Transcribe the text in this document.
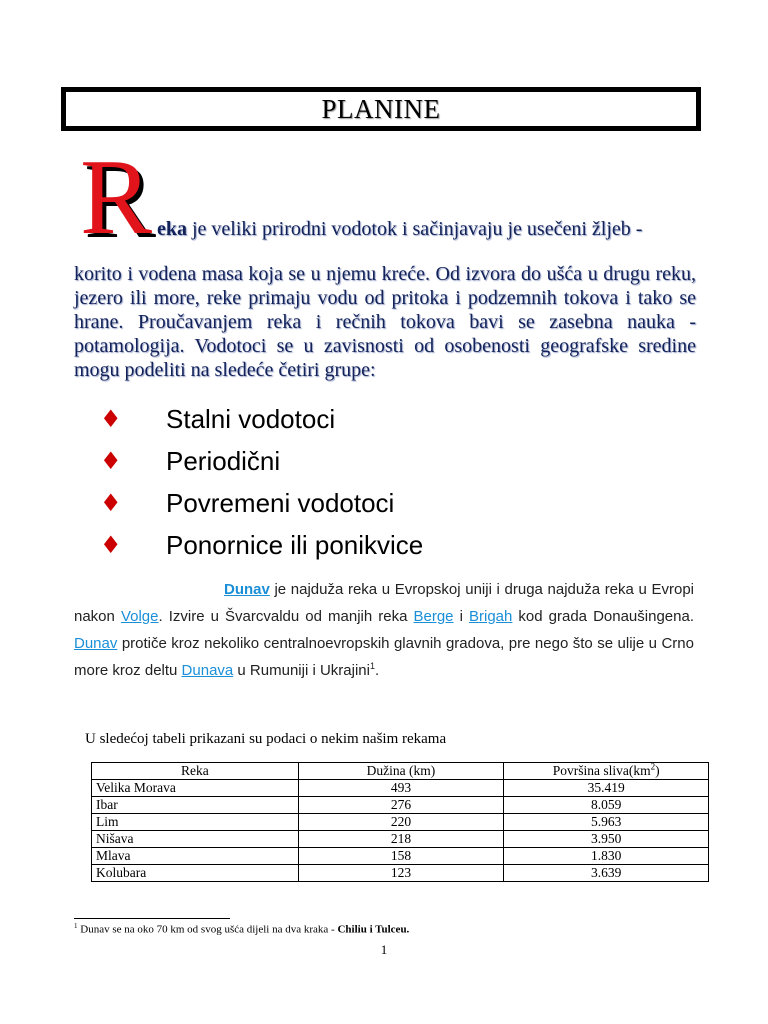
PLANINE
R eka je veliki prirodni vodotok i sačinjavaju je usečeni žljeb -
korito i vodena masa koja se u njemu kreće. Od izvora do ušća u drugu reku, jezero ili more, reke primaju vodu od pritoka i podzemnih tokova i tako se hrane. Proučavanjem reka i rečnih tokova bavi se zasebna nauka - potamologija. Vodotoci se u zavisnosti od osobenosti geografske sredine mogu podeliti na sledeće četiri grupe:
♦	Stalni vodotoci
♦	Periodični
♦	Povremeni vodotoci
♦	Ponornice ili ponikvice
Dunav je najduža reka u Evropskoj uniji i druga najduža reka u Evropi nakon Volge. Izvire u Švarcvaldu od manjih reka Berge i Brigah kod grada Donaušingena. Dunav protiče kroz nekoliko centralnoevropskih glavnih gradova, pre nego što se ulije u Crno more kroz deltu Dunava u Rumuniji i Ukrajini$^1$.
U sledećoj tabeli prikazani su podaci o nekim našim rekama
Reka	Dužina (km)	Površina $sliva(km^2)$
Velika Morava	493	35.419
Ibar	276	8.059
Lim	220	5.963
Nišava	218	3.950
Mlava	158	1.830
Kolubara	123	3.639
$^1$ Dunav se na oko 70 km od svog ušća dijeli na dva kraka - Chiliu i Tulceu.
1
